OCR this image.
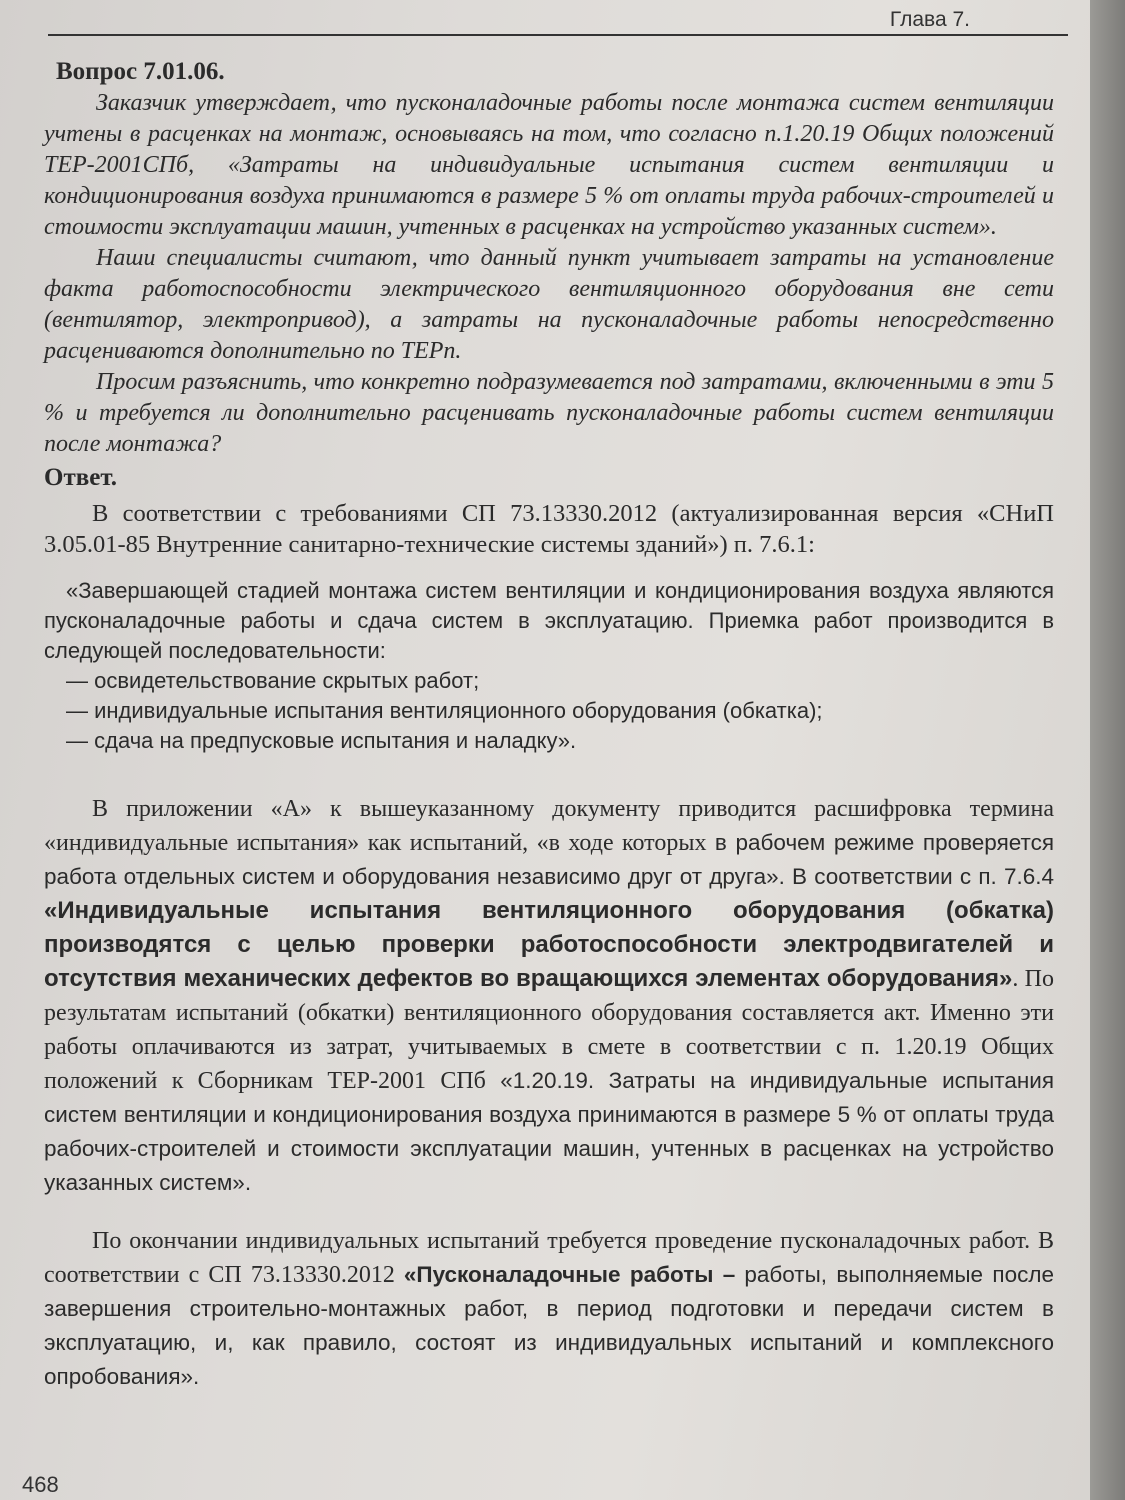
Глава 7.
Вопрос 7.01.06.

Заказчик утверждает, что пусконаладочные работы после монтажа систем вентиляции учтены в расценках на монтаж, основываясь на том, что согласно п.1.20.19 Общих положений ТЕР-2001СПб, «Затраты на индивидуальные испытания систем вентиляции и кондиционирования воздуха принимаются в размере 5 % от оплаты труда рабочих-строителей и стоимости эксплуатации машин, учтенных в расценках на устройство указанных систем».

Наши специалисты считают, что данный пункт учитывает затраты на установление факта работоспособности электрического вентиляционного оборудования вне сети (вентилятор, электропривод), а затраты на пусконаладочные работы непосредственно расцениваются дополнительно по ТЕРп.

Просим разъяснить, что конкретно подразумевается под затратами, включенными в эти 5 % и требуется ли дополнительно расценивать пусконаладочные работы систем вентиляции после монтажа?

Ответ.

В соответствии с требованиями СП 73.13330.2012 (актуализированная версия «СНиП 3.05.01-85 Внутренние санитарно-технические системы зданий») п. 7.6.1:

«Завершающей стадией монтажа систем вентиляции и кондиционирования воздуха являются пусконаладочные работы и сдача систем в эксплуатацию. Приемка работ производится в следующей последовательности:

— освидетельствование скрытых работ;
— индивидуальные испытания вентиляционного оборудования (обкатка);
— сдача на предпусковые испытания и наладку».

В приложении «А» к вышеуказанному документу приводится расшифровка термина «индивидуальные испытания» как испытаний, «в ходе которых в рабочем режиме проверяется работа отдельных систем и оборудования независимо друг от друга». В соответствии с п. 7.6.4 «Индивидуальные испытания вентиляционного оборудования (обкатка) производятся с целью проверки работоспособности электродвигателей и отсутствия механических дефектов во вращающихся элементах оборудования». По результатам испытаний (обкатки) вентиляционного оборудования составляется акт. Именно эти работы оплачиваются из затрат, учитываемых в смете в соответствии с п. 1.20.19 Общих положений к Сборникам ТЕР-2001 СПб «1.20.19. Затраты на индивидуальные испытания систем вентиляции и кондиционирования воздуха принимаются в размере 5 % от оплаты труда рабочих-строителей и стоимости эксплуатации машин, учтенных в расценках на устройство указанных систем».

По окончании индивидуальных испытаний требуется проведение пусконаладочных работ. В соответствии с СП 73.13330.2012 «Пусконаладочные работы – работы, выполняемые после завершения строительно-монтажных работ, в период подготовки и передачи систем в эксплуатацию, и, как правило, состоят из индивидуальных испытаний и комплексного опробования».

468
